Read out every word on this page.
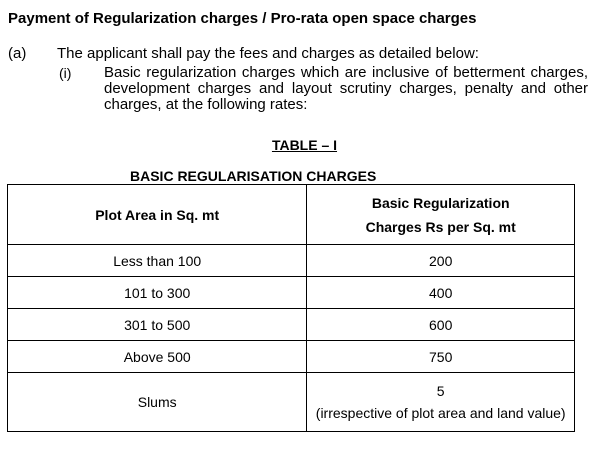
Payment of Regularization charges / Pro-rata open space charges
(a) The applicant shall pay the fees and charges as detailed below:
(i) Basic regularization charges which are inclusive of betterment charges, development charges and layout scrutiny charges, penalty and other charges, at the following rates:
TABLE – I
BASIC REGULARISATION CHARGES
Plot Area in Sq. mt	Basic Regularization
Charges Rs per Sq. mt
Less than 100	200
101 to 300	400
301 to 500	600
Above 500	750
Slums	5
(irrespective of plot area and land value)
